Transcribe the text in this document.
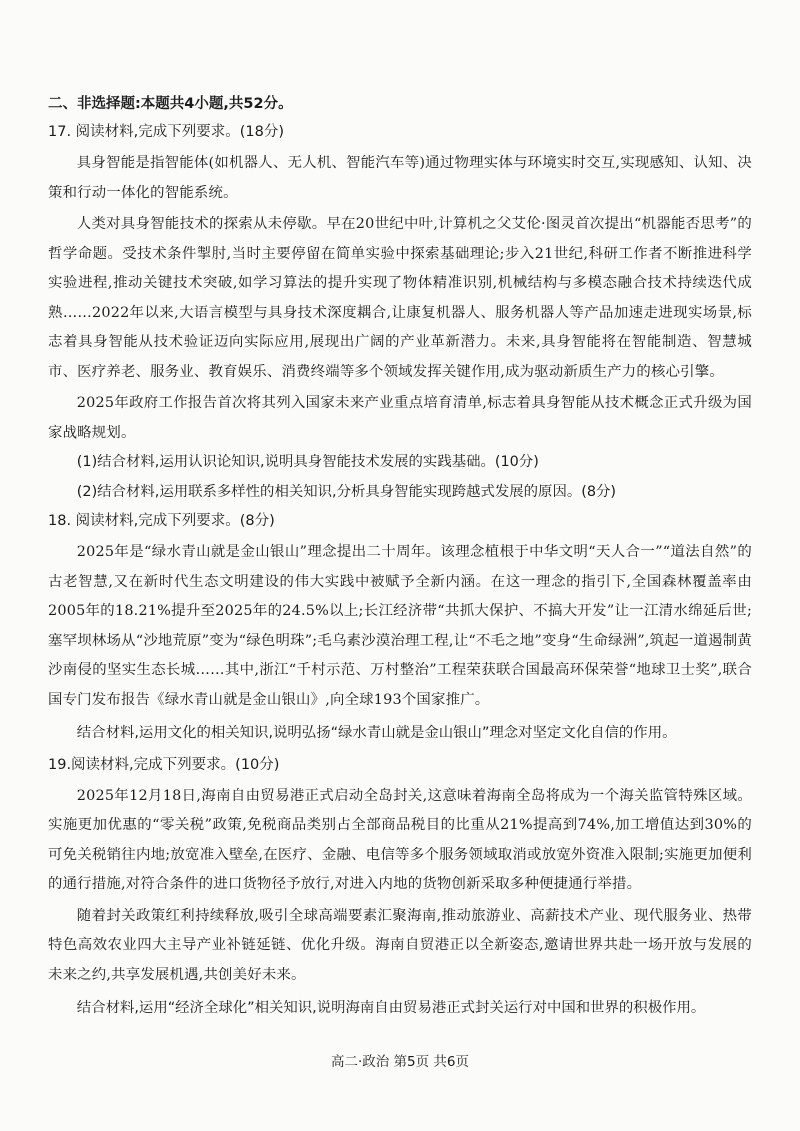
二、非选择题:本题共4小题,共52分。
17. 阅读材料,完成下列要求。(18分)

具身智能是指智能体(如机器人、无人机、智能汽车等)通过物理实体与环境实时交互,实现感知、认知、决策和行动一体化的智能系统。

人类对具身智能技术的探索从未停歇。早在20世纪中叶,计算机之父艾伦·图灵首次提出“机器能否思考”的哲学命题。受技术条件掣肘,当时主要停留在简单实验中探索基础理论;步入21世纪,科研工作者不断推进科学实验进程,推动关键技术突破,如学习算法的提升实现了物体精准识别,机械结构与多模态融合技术持续迭代成熟……2022年以来,大语言模型与具身技术深度耦合,让康复机器人、服务机器人等产品加速走进现实场景,标志着具身智能从技术验证迈向实际应用,展现出广阔的产业革新潜力。未来,具身智能将在智能制造、智慧城市、医疗养老、服务业、教育娱乐、消费终端等多个领域发挥关键作用,成为驱动新质生产力的核心引擎。

2025年政府工作报告首次将其列入国家未来产业重点培育清单,标志着具身智能从技术概念正式升级为国家战略规划。

(1)结合材料,运用认识论知识,说明具身智能技术发展的实践基础。(10分)

(2)结合材料,运用联系多样性的相关知识,分析具身智能实现跨越式发展的原因。(8分)

18. 阅读材料,完成下列要求。(8分)

2025年是“绿水青山就是金山银山”理念提出二十周年。该理念植根于中华文明“天人合一”“道法自然”的古老智慧,又在新时代生态文明建设的伟大实践中被赋予全新内涵。在这一理念的指引下,全国森林覆盖率由2005年的18.21%提升至2025年的24.5%以上;长江经济带“共抓大保护、不搞大开发”让一江清水绵延后世;塞罕坝林场从“沙地荒原”变为“绿色明珠”;毛乌素沙漠治理工程,让“不毛之地”变身“生命绿洲”,筑起一道遏制黄沙南侵的坚实生态长城……其中,浙江“千村示范、万村整治”工程荣获联合国最高环保荣誉“地球卫士奖”,联合国专门发布报告《绿水青山就是金山银山》,向全球193个国家推广。

结合材料,运用文化的相关知识,说明弘扬“绿水青山就是金山银山”理念对坚定文化自信的作用。

19.阅读材料,完成下列要求。(10分)

2025年12月18日,海南自由贸易港正式启动全岛封关,这意味着海南全岛将成为一个海关监管特殊区域。实施更加优惠的“零关税”政策,免税商品类别占全部商品税目的比重从21%提高到74%,加工增值达到30%的可免关税销往内地;放宽准入壁垒,在医疗、金融、电信等多个服务领域取消或放宽外资准入限制;实施更加便利的通行措施,对符合条件的进口货物径予放行,对进入内地的货物创新采取多种便捷通行举措。

随着封关政策红利持续释放,吸引全球高端要素汇聚海南,推动旅游业、高薪技术产业、现代服务业、热带特色高效农业四大主导产业补链延链、优化升级。海南自贸港正以全新姿态,邀请世界共赴一场开放与发展的未来之约,共享发展机遇,共创美好未来。

结合材料,运用“经济全球化”相关知识,说明海南自由贸易港正式封关运行对中国和世界的积极作用。

高二·政治 第5页 共6页
